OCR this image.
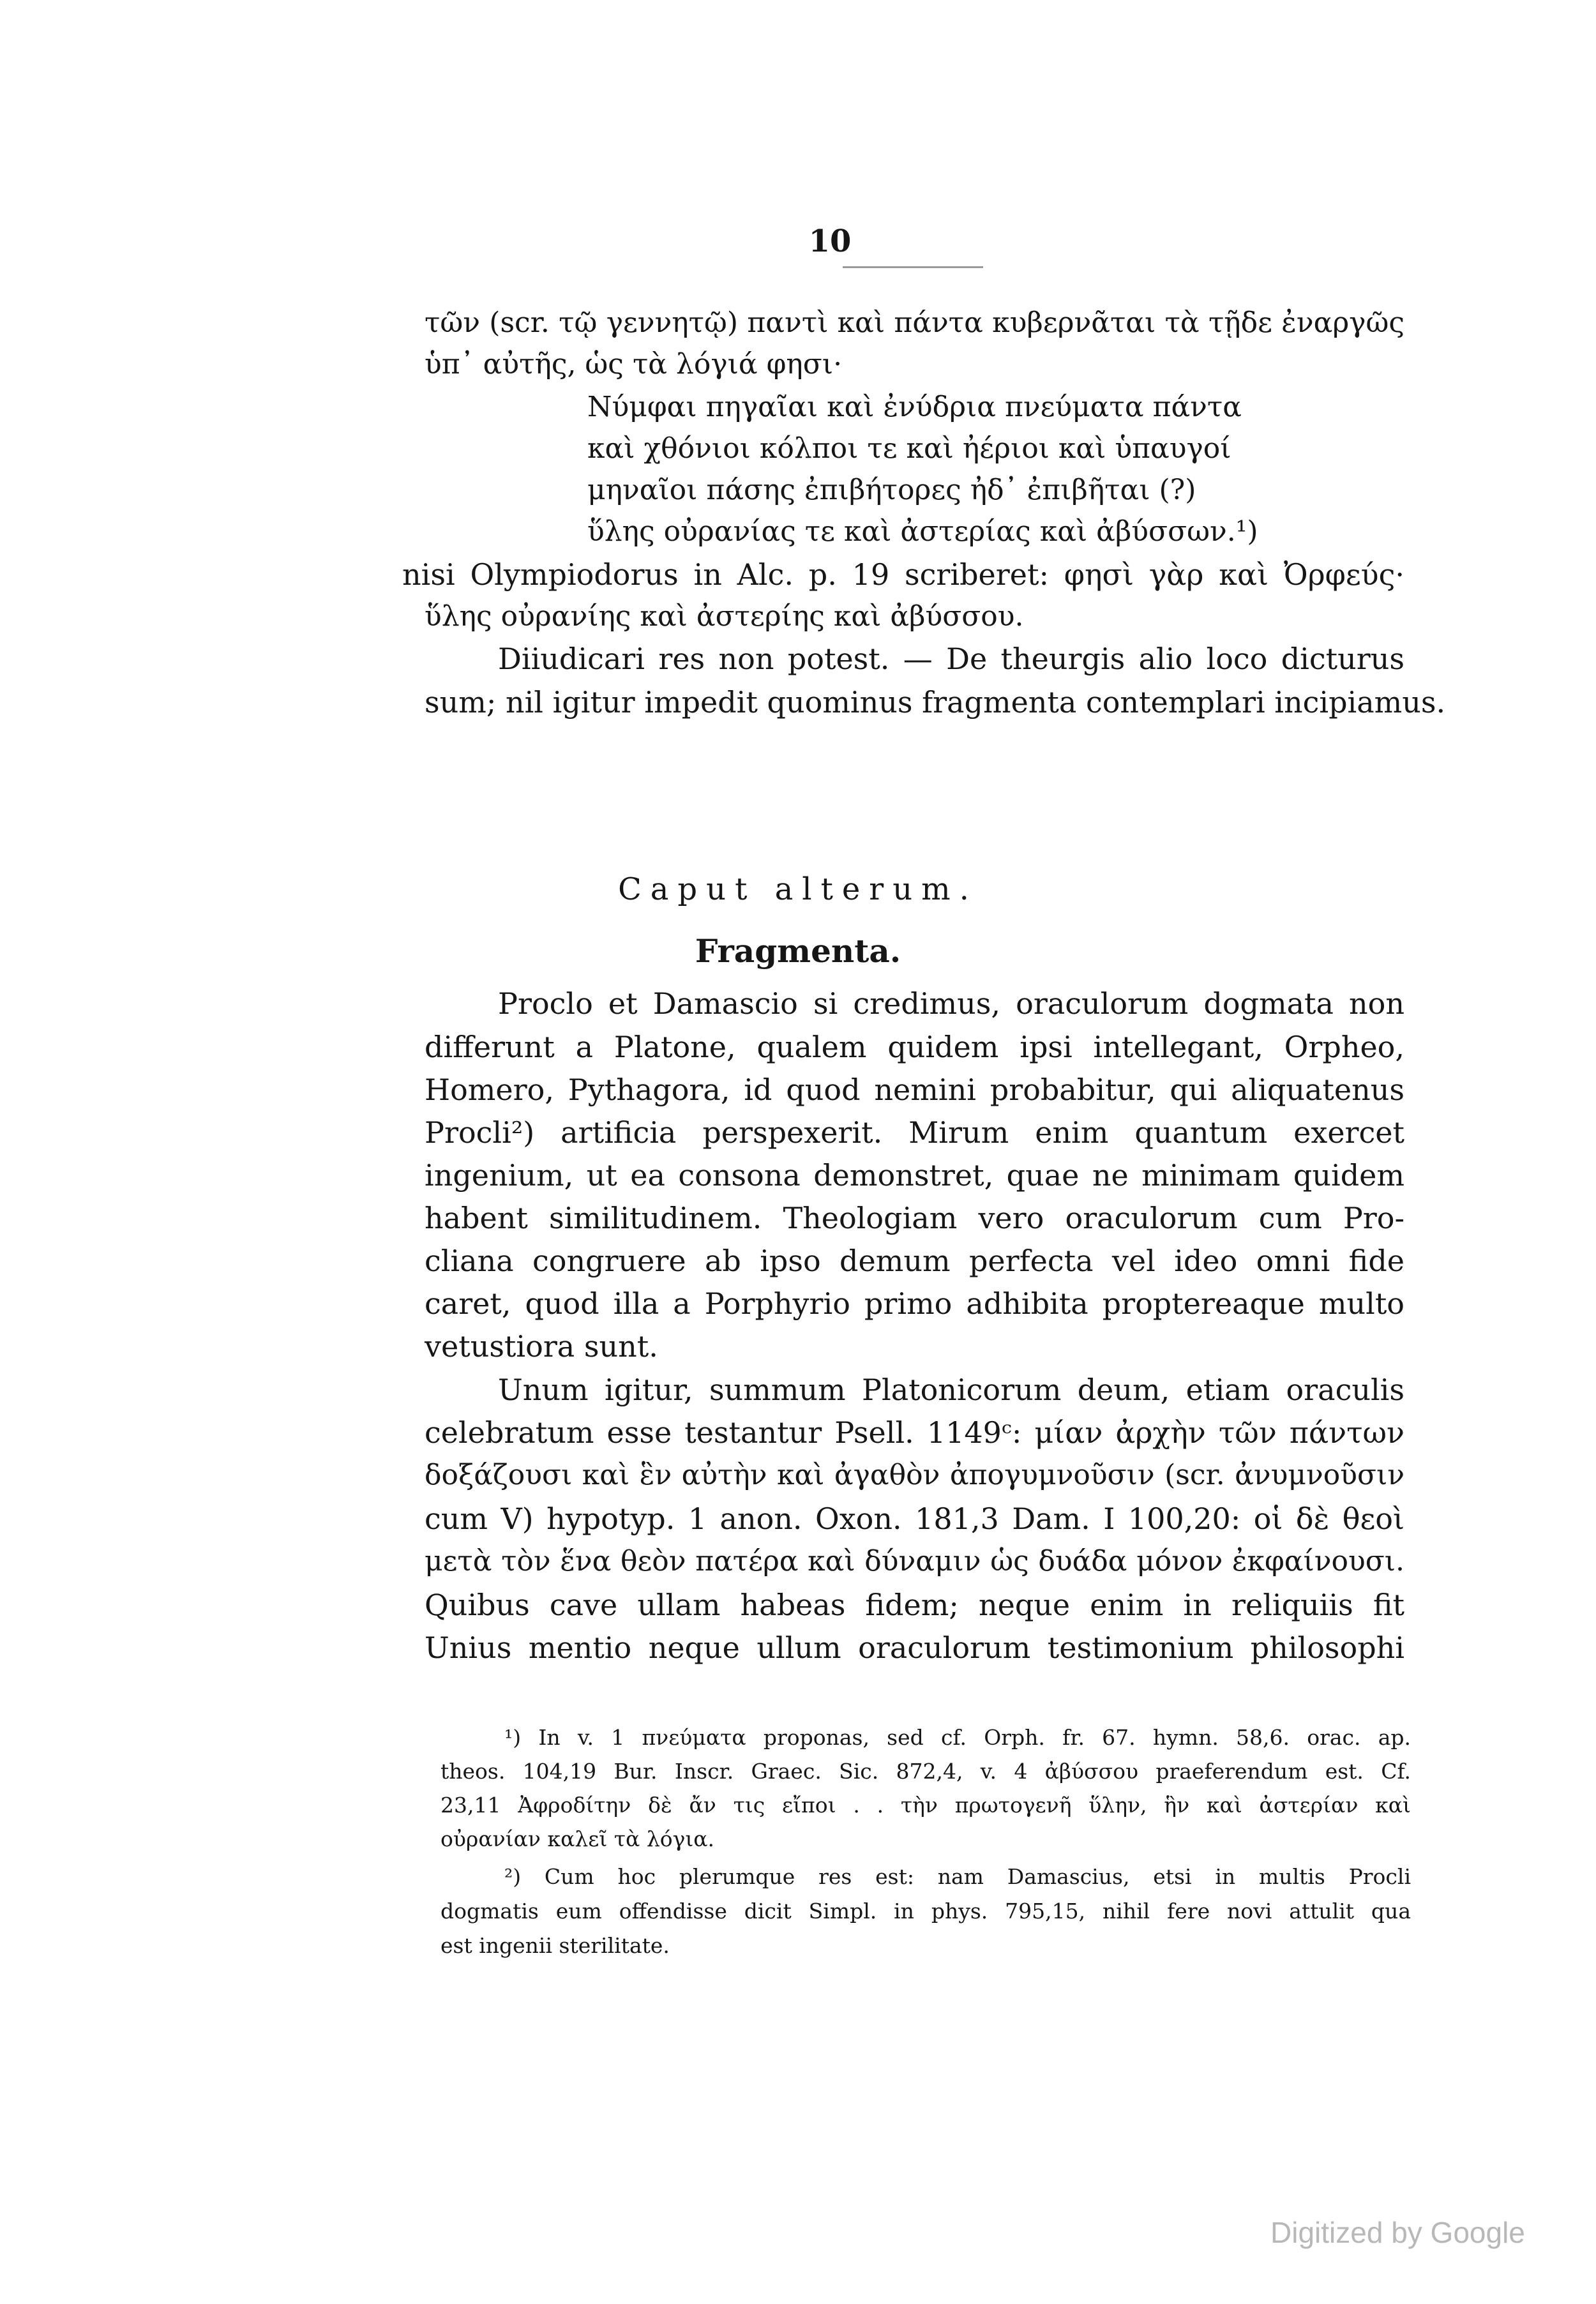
10
τῶν (scr. τῷ γεννητῷ) παντὶ καὶ πάντα κυβερνᾶται τὰ τῇδε ἐναργῶς
ὑπ᾽ αὐτῆς, ὡς τὰ λόγιά φησι·
Νύμφαι πηγαῖαι καὶ ἐνύδρια πνεύματα πάντα
καὶ χθόνιοι κόλποι τε καὶ ἠέριοι καὶ ὑπαυγοί
μηναῖοι πάσης ἐπιβήτορες ἠδ᾽ ἐπιβῆται (?)
ὕλης οὐρανίας τε καὶ ἀστερίας καὶ ἀβύσσων.¹)
nisi Olympiodorus in Alc. p. 19 scriberet: φησὶ γὰρ καὶ Ὀρφεύς·
ὕλης οὐρανίης καὶ ἀστερίης καὶ ἀβύσσου.
Diiudicari res non potest. — De theurgis alio loco dicturus
sum; nil igitur impedit quominus fragmenta contemplari incipiamus.
Caput alterum.
Fragmenta.
Proclo et Damascio si credimus, oraculorum dogmata non
differunt a Platone, qualem quidem ipsi intellegant, Orpheo,
Homero, Pythagora, id quod nemini probabitur, qui aliquatenus
Procli²) artificia perspexerit. Mirum enim quantum exercet
ingenium, ut ea consona demonstret, quae ne minimam quidem
habent similitudinem. Theologiam vero oraculorum cum Pro-
cliana congruere ab ipso demum perfecta vel ideo omni fide
caret, quod illa a Porphyrio primo adhibita proptereaque multo
vetustiora sunt.
Unum igitur, summum Platonicorum deum, etiam oraculis
celebratum esse testantur Psell. 1149ᶜ: μίαν ἀρχὴν τῶν πάντων
δοξάζουσι καὶ ἓν αὐτὴν καὶ ἀγαθὸν ἀπογυμνοῦσιν (scr. ἀνυμνοῦσιν
cum V) hypotyp. 1 anon. Oxon. 181,3 Dam. I 100,20: οἱ δὲ θεοὶ
μετὰ τὸν ἕνα θεὸν πατέρα καὶ δύναμιν ὡς δυάδα μόνον ἐκφαίνουσι.
Quibus cave ullam habeas fidem; neque enim in reliquiis fit
Unius mentio neque ullum oraculorum testimonium philosophi
¹) In v. 1 πνεύματα proponas, sed cf. Orph. fr. 67. hymn. 58,6. orac. ap.
theos. 104,19 Bur. Inscr. Graec. Sic. 872,4, v. 4 ἀβύσσου praeferendum est. Cf.
23,11 Ἀφροδίτην δὲ ἄν τις εἴποι . . τὴν πρωτογενῆ ὕλην, ἣν καὶ ἀστερίαν καὶ
οὐρανίαν καλεῖ τὰ λόγια.
²) Cum hoc plerumque res est: nam Damascius, etsi in multis Procli
dogmatis eum offendisse dicit Simpl. in phys. 795,15, nihil fere novi attulit qua
est ingenii sterilitate.
Digitized by Google
